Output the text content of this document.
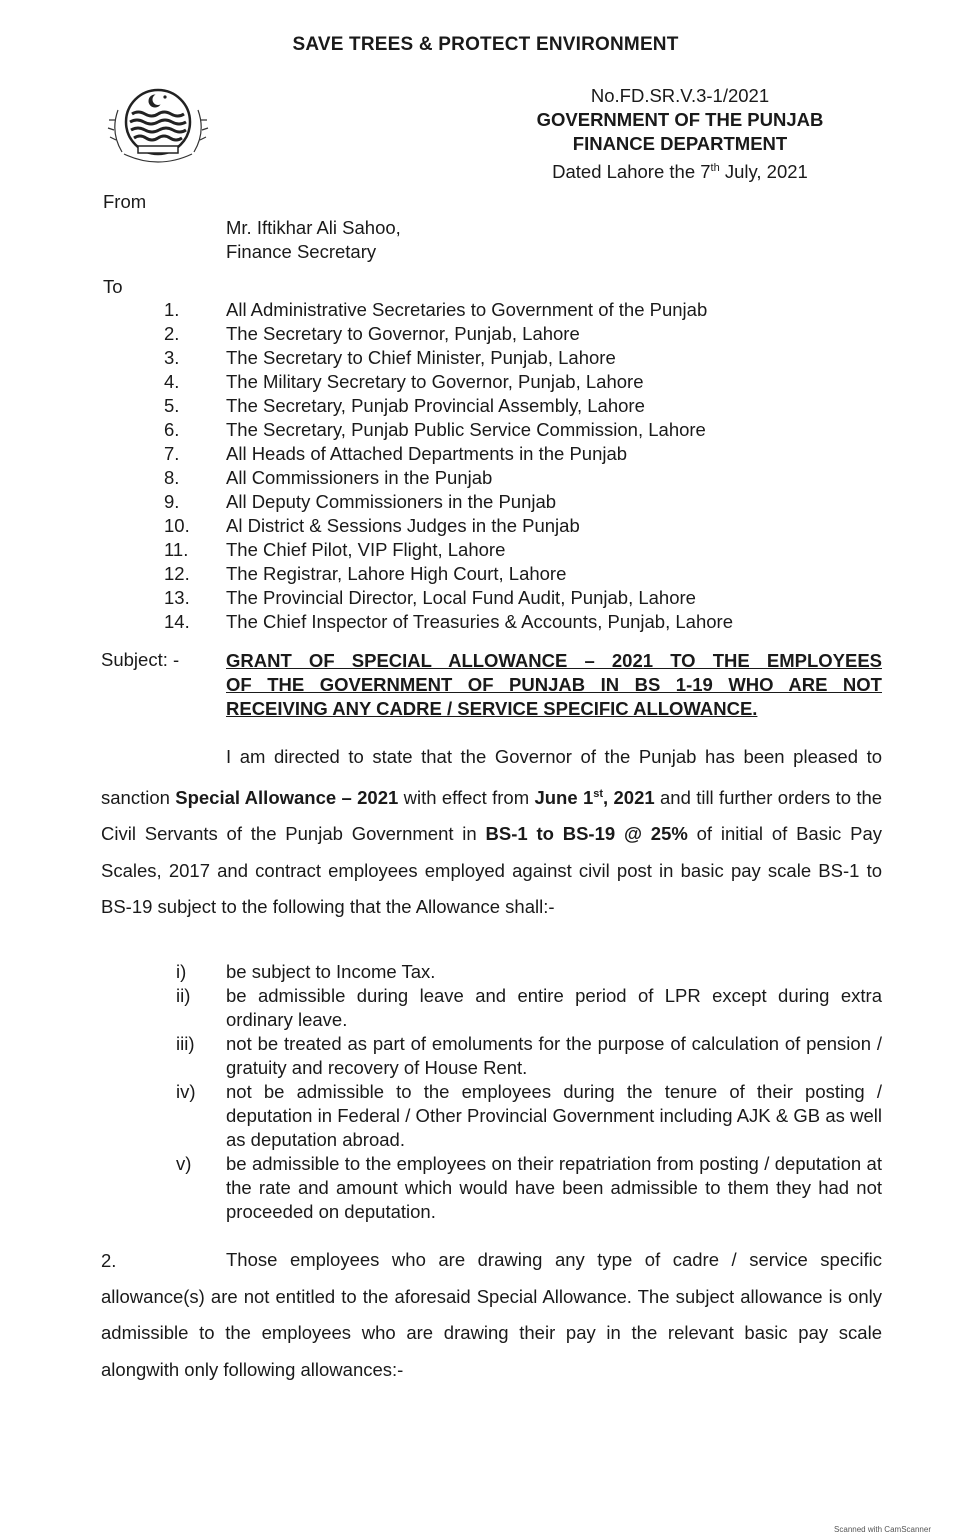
SAVE TREES & PROTECT ENVIRONMENT
No.FD.SR.V.3-1/2021
GOVERNMENT OF THE PUNJAB
FINANCE DEPARTMENT
Dated Lahore the 7th July, 2021
From
Mr. Iftikhar Ali Sahoo,
Finance Secretary
To
1.	All Administrative Secretaries to Government of the Punjab
2.	The Secretary to Governor, Punjab, Lahore
3.	The Secretary to Chief Minister, Punjab, Lahore
4.	The Military Secretary to Governor, Punjab, Lahore
5.	The Secretary, Punjab Provincial Assembly, Lahore
6.	The Secretary, Punjab Public Service Commission, Lahore
7.	All Heads of Attached Departments in the Punjab
8.	All Commissioners in the Punjab
9.	All Deputy Commissioners in the Punjab
10.	Al District & Sessions Judges in the Punjab
11.	The Chief Pilot, VIP Flight, Lahore
12.	The Registrar, Lahore High Court, Lahore
13.	The Provincial Director, Local Fund Audit, Punjab, Lahore
14.	The Chief Inspector of Treasuries & Accounts, Punjab, Lahore
Subject: -	GRANT OF SPECIAL ALLOWANCE – 2021 TO THE EMPLOYEES
OF THE GOVERNMENT OF PUNJAB IN BS 1-19 WHO ARE NOT
RECEIVING ANY CADRE / SERVICE SPECIFIC ALLOWANCE.
I am directed to state that the Governor of the Punjab has been pleased to sanction Special Allowance – 2021 with effect from June 1st, 2021 and till further orders to the Civil Servants of the Punjab Government in BS-1 to BS-19 @ 25% of initial of Basic Pay Scales, 2017 and contract employees employed against civil post in basic pay scale BS-1 to BS-19 subject to the following that the Allowance shall:-
i)	be subject to Income Tax.
ii)	be admissible during leave and entire period of LPR except during extra ordinary leave.
iii)	not be treated as part of emoluments for the purpose of calculation of pension / gratuity and recovery of House Rent.
iv)	not be admissible to the employees during the tenure of their posting / deputation in Federal / Other Provincial Government including AJK & GB as well as deputation abroad.
v)	be admissible to the employees on their repatriation from posting / deputation at the rate and amount which would have been admissible to them they had not proceeded on deputation.
2.	Those employees who are drawing any type of cadre / service specific allowance(s) are not entitled to the aforesaid Special Allowance. The subject allowance is only admissible to the employees who are drawing their pay in the relevant basic pay scale alongwith only following allowances:-
Scanned with CamScanner
